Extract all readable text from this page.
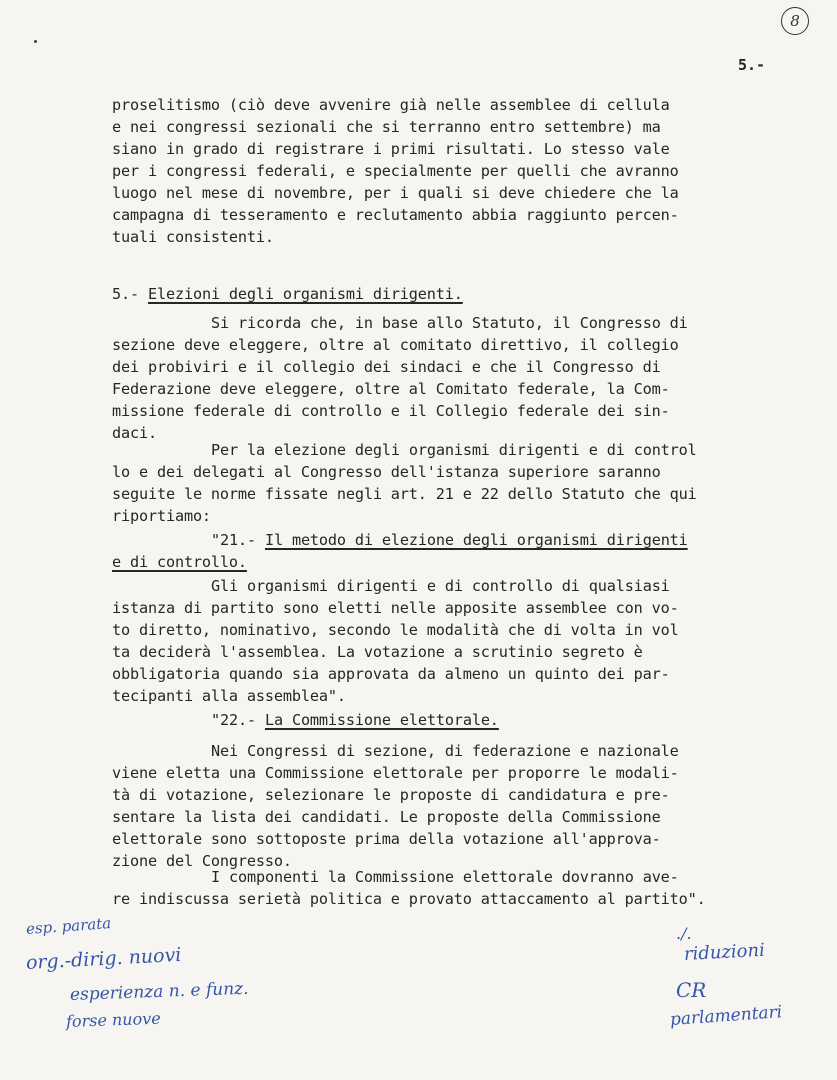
8
5.-
proselitismo (ciò deve avvenire già nelle assemblee di cellula
e nei congressi sezionali che si terranno entro settembre) ma
siano in grado di registrare i primi risultati. Lo stesso vale
per i congressi federali, e specialmente per quelli che avranno
luogo nel mese di novembre, per i quali si deve chiedere che la
campagna di tesseramento e reclutamento abbia raggiunto percen-
tuali consistenti.
5.- Elezioni degli organismi dirigenti.
Si ricorda che, in base allo Statuto, il Congresso di
sezione deve eleggere, oltre al comitato direttivo, il collegio
dei probiviri e il collegio dei sindaci e che il Congresso di
Federazione deve eleggere, oltre al Comitato federale, la Com-
missione federale di controllo e il Collegio federale dei sin-
daci.
Per la elezione degli organismi dirigenti e di control
lo e dei delegati al Congresso dell'istanza superiore saranno
seguite le norme fissate negli art. 21 e 22 dello Statuto che qui
riportiamo:
"21.- Il metodo di elezione degli organismi dirigenti
e di controllo.
Gli organismi dirigenti e di controllo di qualsiasi
istanza di partito sono eletti nelle apposite assemblee con vo-
to diretto, nominativo, secondo le modalità che di volta in vol
ta deciderà l'assemblea. La votazione a scrutinio segreto è
obbligatoria quando sia approvata da almeno un quinto dei par-
tecipanti alla assemblea".
"22.- La Commissione elettorale.
Nei Congressi di sezione, di federazione e nazionale
viene eletta una Commissione elettorale per proporre le modali-
tà di votazione, selezionare le proposte di candidatura e pre-
sentare la lista dei candidati. Le proposte della Commissione
elettorale sono sottoposte prima della votazione all'approva-
zione del Congresso.
I componenti la Commissione elettorale dovranno ave-
re indiscussa serietà politica e provato attaccamento al partito".
esp. parata
org.-dirig. nuovi
esperienza n. e funz.
forse nuove
./.
riduzioni
CR
parlamentari
